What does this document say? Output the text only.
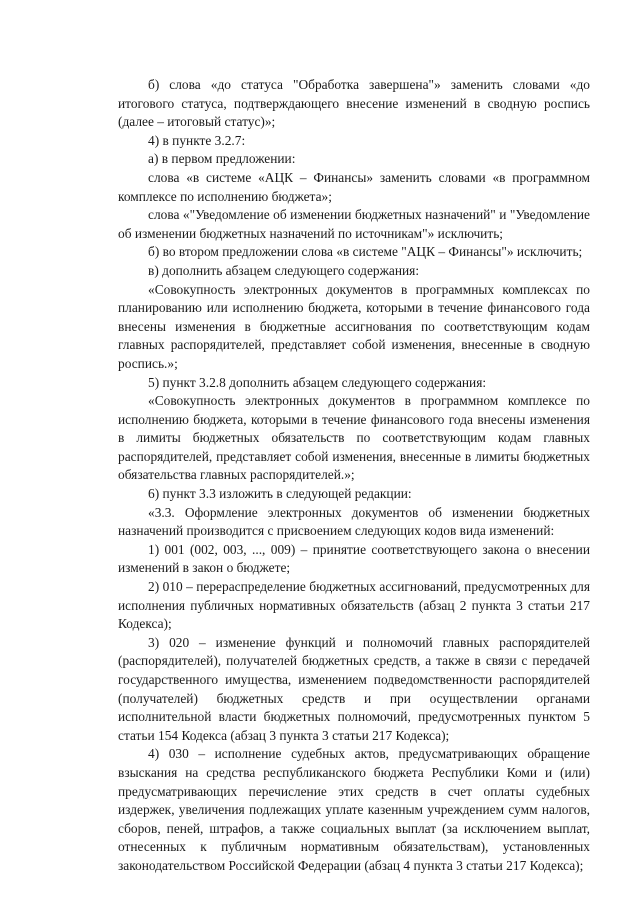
б) слова «до статуса "Обработка завершена"» заменить словами «до итогового статуса, подтверждающего внесение изменений в сводную роспись (далее – итоговый статус)»;

4) в пункте 3.2.7:

а) в первом предложении:

слова «в системе «АЦК – Финансы» заменить словами «в программном комплексе по исполнению бюджета»;

слова «"Уведомление об изменении бюджетных назначений" и "Уведомление об изменении бюджетных назначений по источникам"» исключить;

б) во втором предложении слова «в системе "АЦК – Финансы"» исключить;

в) дополнить абзацем следующего содержания:

«Совокупность электронных документов в программных комплексах по планированию или исполнению бюджета, которыми в течение финансового года внесены изменения в бюджетные ассигнования по соответствующим кодам главных распорядителей, представляет собой изменения, внесенные в сводную роспись.»;

5) пункт 3.2.8 дополнить абзацем следующего содержания:

«Совокупность электронных документов в программном комплексе по исполнению бюджета, которыми в течение финансового года внесены изменения в лимиты бюджетных обязательств по соответствующим кодам главных распорядителей, представляет собой изменения, внесенные в лимиты бюджетных обязательства главных распорядителей.»;

6) пункт 3.3 изложить в следующей редакции:

«3.3. Оформление электронных документов об изменении бюджетных назначений производится с присвоением следующих кодов вида изменений:

1) 001 (002, 003, ..., 009) – принятие соответствующего закона о внесении изменений в закон о бюджете;

2) 010 – перераспределение бюджетных ассигнований, предусмотренных для исполнения публичных нормативных обязательств (абзац 2 пункта 3 статьи 217 Кодекса);

3) 020 – изменение функций и полномочий главных распорядителей (распорядителей), получателей бюджетных средств, а также в связи с передачей государственного имущества, изменением подведомственности распорядителей (получателей) бюджетных средств и при осуществлении органами исполнительной власти бюджетных полномочий, предусмотренных пунктом 5 статьи 154 Кодекса (абзац 3 пункта 3 статьи 217 Кодекса);

4) 030 – исполнение судебных актов, предусматривающих обращение взыскания на средства республиканского бюджета Республики Коми и (или) предусматривающих перечисление этих средств в счет оплаты судебных издержек, увеличения подлежащих уплате казенным учреждением сумм налогов, сборов, пеней, штрафов, а также социальных выплат (за исключением выплат, отнесенных к публичным нормативным обязательствам), установленных законодательством Российской Федерации (абзац 4 пункта 3 статьи 217 Кодекса);
